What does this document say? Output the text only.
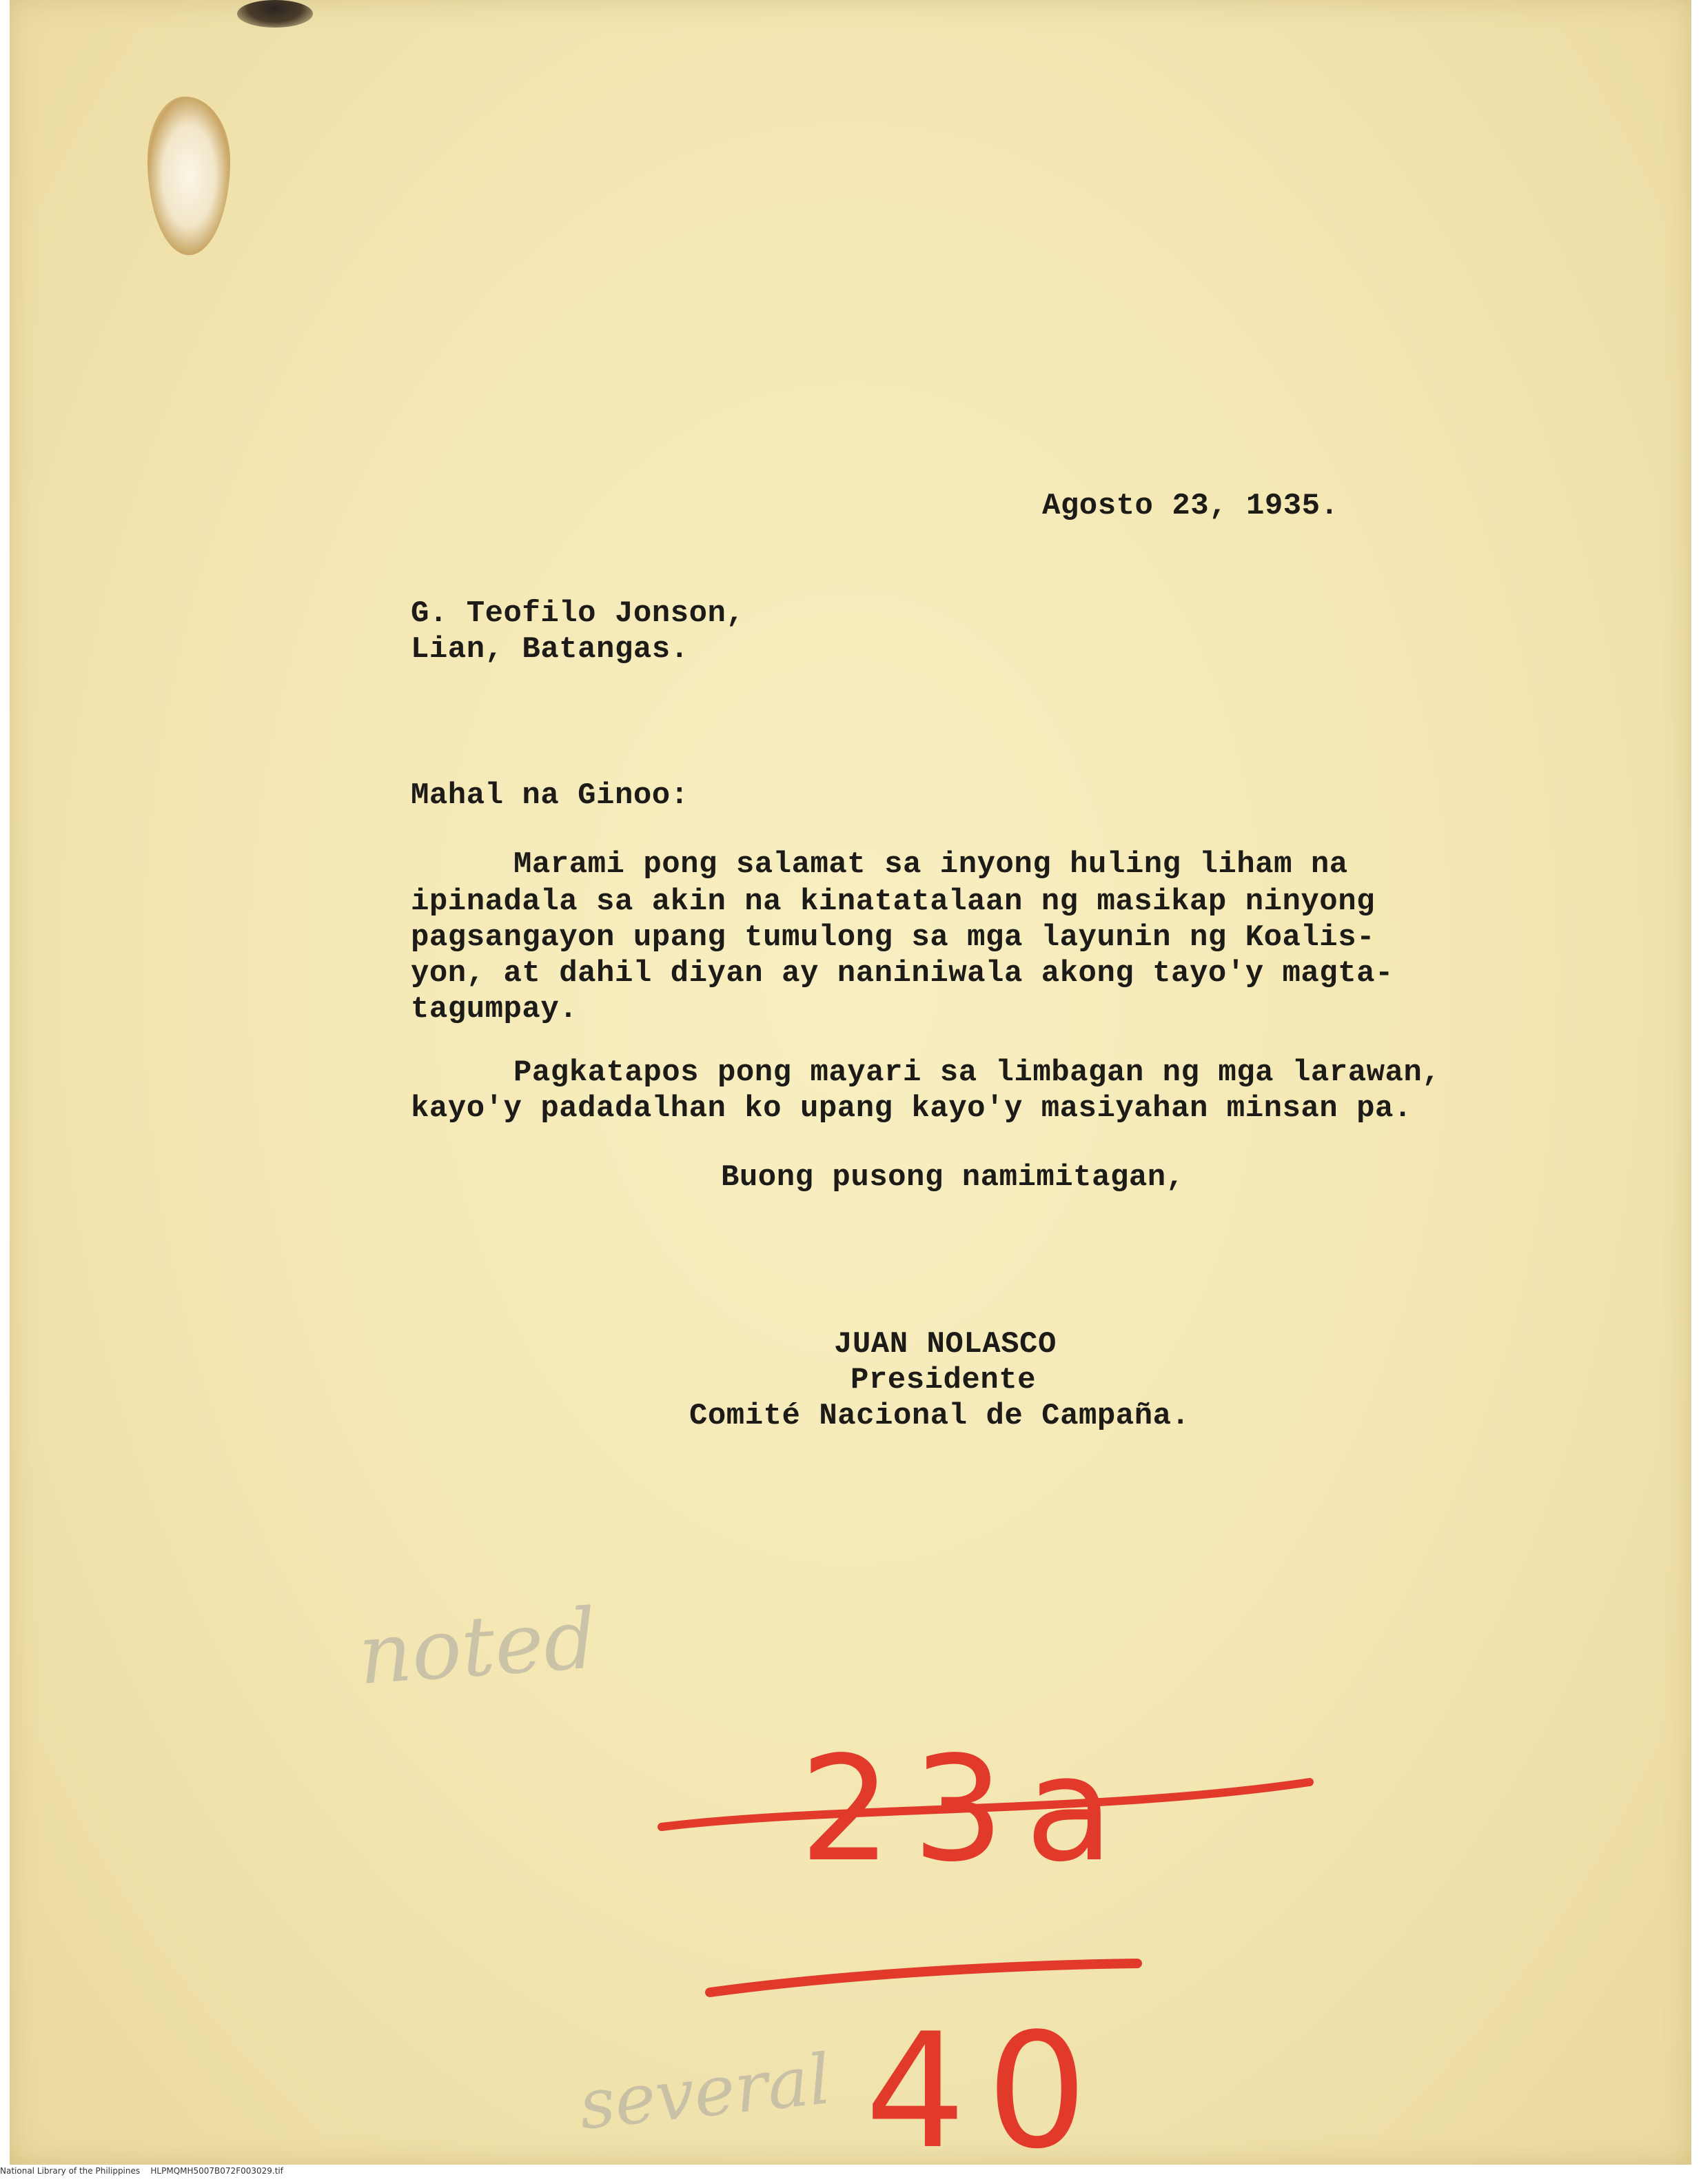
Agosto 23, 1935.

G. Teofilo Jonson,

Lian, Batangas.

Mahal na Ginoo:

Marami pong salamat sa inyong huling liham na

ipinadala sa akin na kinatatalaan ng masikap ninyong

pagsangayon upang tumulong sa mga layunin ng Koalis-

yon, at dahil diyan ay naniniwala akong tayo'y magta-

tagumpay.

Pagkatapos pong mayari sa limbagan ng mga larawan,

kayo'y padadalhan ko upang kayo'y masiyahan minsan pa.

Buong pusong namimitagan,

JUAN NOLASCO

Presidente

Comité Nacional de Campaña.

noted

several

23a

40

National Library of the Philippines    HLPMQMH5007B072F003029.tif
